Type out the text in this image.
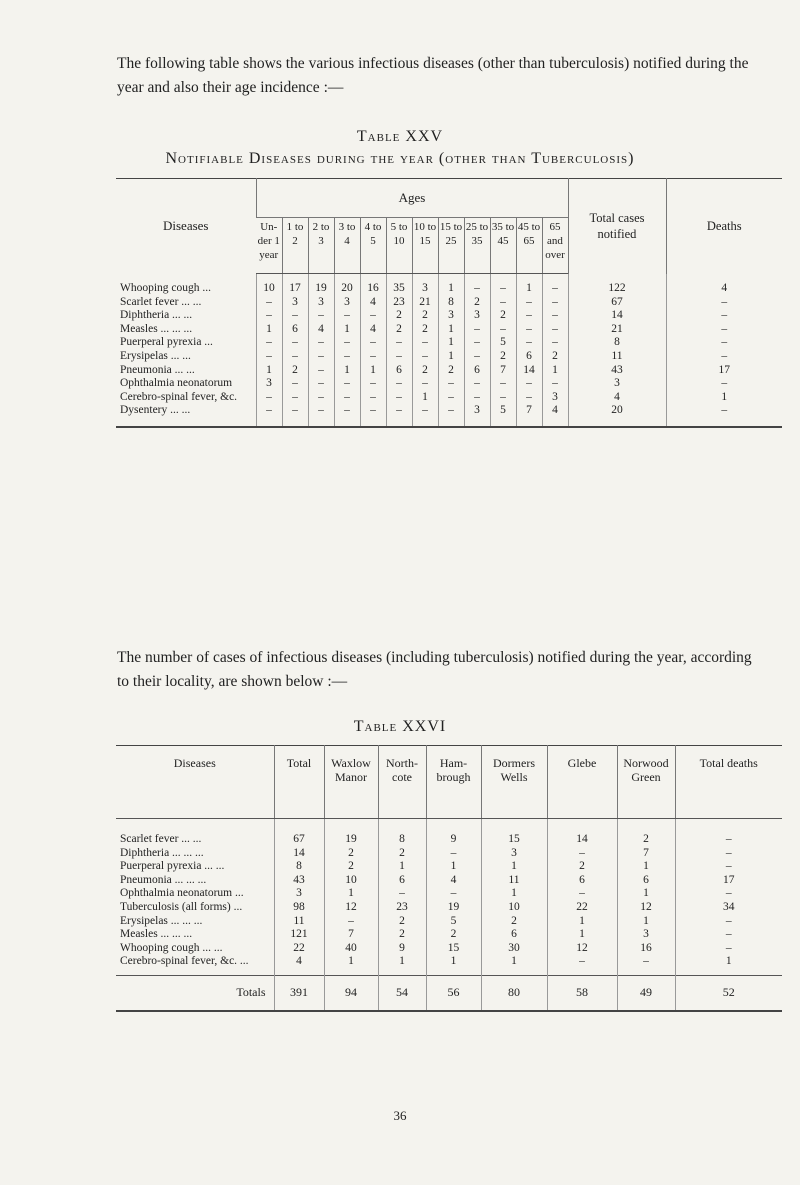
The following table shows the various infectious diseases (other than tuberculosis) notified during the year and also their age incidence :—

Table XXV
Notifiable Diseases during the year (other than Tuberculosis)
Diseases	Ages												Total cases notified	Deaths
	Un- der 1 year	1 to 2	2 to 3	3 to 4	4 to 5	5 to 10	10 to 15	15 to 25	25 to 35	35 to 45	45 to 65	65 and over		
Whooping cough ...	10	17	19	20	16	35	3	1	–	–	1	–	122	4
Scarlet fever ... ...	–	3	3	3	4	23	21	8	2	–	–	–	67	–
Diphtheria ... ...	–	–	–	–	–	2	2	3	3	2	–	–	14	–
Measles ... ... ...	1	6	4	1	4	2	2	1	–	–	–	–	21	–
Puerperal pyrexia ...	–	–	–	–	–	–	–	1	–	5	–	–	8	–
Erysipelas ... ...	–	–	–	–	–	–	–	1	–	2	6	2	11	–
Pneumonia ... ...	1	2	–	1	1	6	2	2	6	7	14	1	43	17
Ophthalmia neonatorum	3	–	–	–	–	–	–	–	–	–	–	–	3	–
Cerebro-spinal fever, &c.	–	–	–	–	–	–	1	–	–	–	–	3	4	1
Dysentery ... ...	–	–	–	–	–	–	–	–	3	5	7	4	20	–

The number of cases of infectious diseases (including tuberculosis) notified during the year, according to their locality, are shown below :—

Table XXVI
Diseases	Total	Waxlow Manor	North- cote	Ham- brough	Dormers Wells	Glebe	Norwood Green	Total deaths
Scarlet fever ... ...	67	19	8	9	15	14	2	–
Diphtheria ... ... ...	14	2	2	–	3	–	7	–
Puerperal pyrexia ... ...	8	2	1	1	1	2	1	–
Pneumonia ... ... ...	43	10	6	4	11	6	6	17
Ophthalmia neonatorum ...	3	1	–	–	1	–	1	–
Tuberculosis (all forms) ...	98	12	23	19	10	22	12	34
Erysipelas ... ... ...	11	–	2	5	2	1	1	–
Measles ... ... ...	121	7	2	2	6	1	3	–
Whooping cough ... ...	22	40	9	15	30	12	16	–
Cerebro-spinal fever, &c. ...	4	1	1	1	1	–	–	1
Totals	391	94	54	56	80	58	49	52
36
